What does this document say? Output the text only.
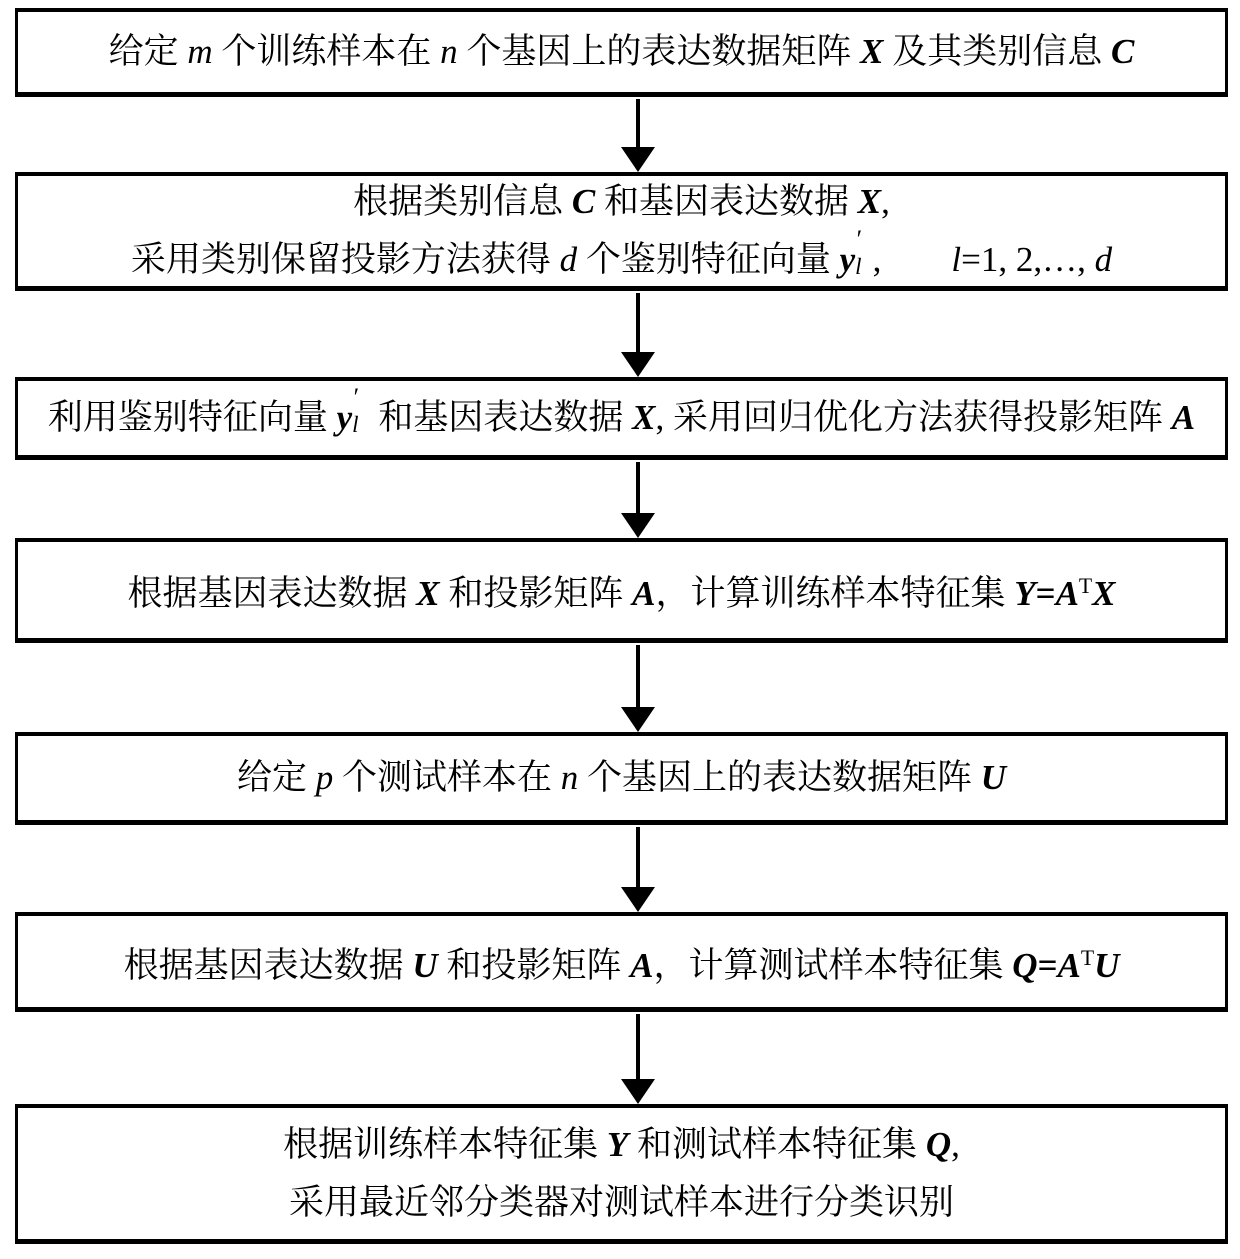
给定 m 个训练样本在 n 个基因上的表达数据矩阵 X 及其类别信息 C
根据类别信息 C 和基因表达数据 X,
采用类别保留投影方法获得 d 个鉴别特征向量 y
′
l ,  l=1, 2,…, d
利用鉴别特征向量 y
′
l 和基因表达数据 X, 采用回归优化方法获得投影矩阵 A
根据基因表达数据 X 和投影矩阵 A，计算训练样本特征集 $Y=A^TX$
给定 p 个测试样本在 n 个基因上的表达数据矩阵 U
根据基因表达数据 U 和投影矩阵 A，计算测试样本特征集 $Q=A^TU$
根据训练样本特征集 Y 和测试样本特征集 Q,
采用最近邻分类器对测试样本进行分类识别
